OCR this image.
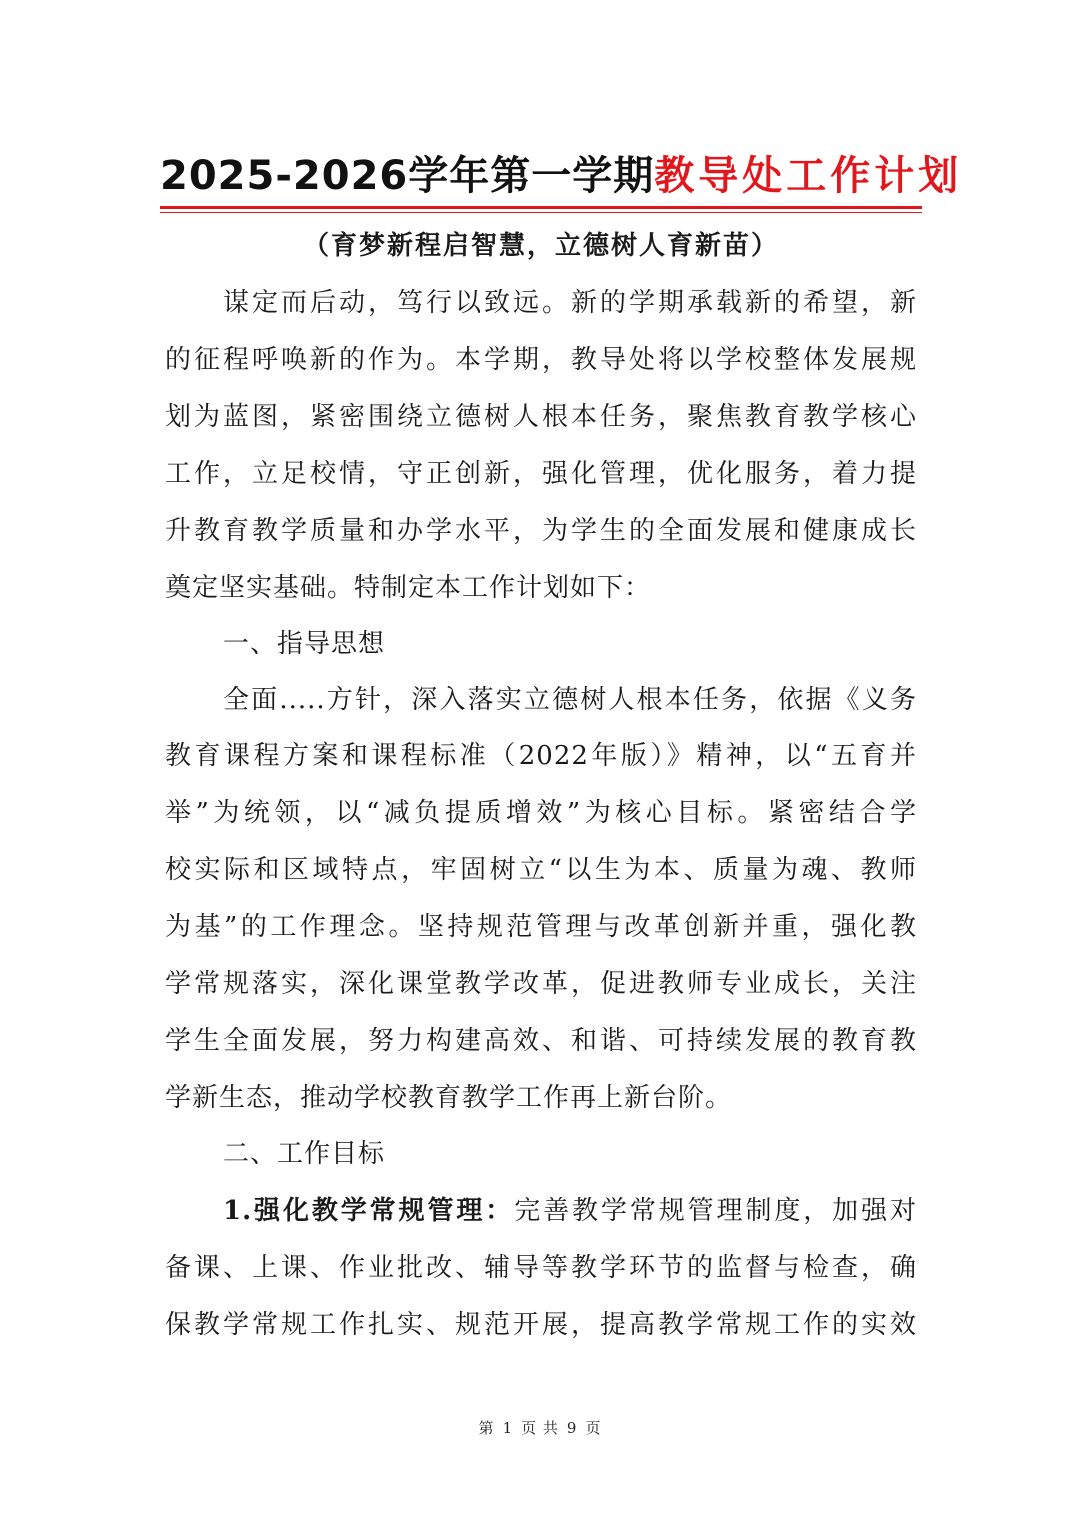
2025-2026学年第一学期教导处工作计划
（育梦新程启智慧，立德树人育新苗）
谋定而后动，笃行以致远。新的学期承载新的希望，新
的征程呼唤新的作为。本学期，教导处将以学校整体发展规
划为蓝图，紧密围绕立德树人根本任务，聚焦教育教学核心
工作，立足校情，守正创新，强化管理，优化服务，着力提
升教育教学质量和办学水平，为学生的全面发展和健康成长
奠定坚实基础。特制定本工作计划如下：
一、指导思想
全面.....方针，深入落实立德树人根本任务，依据《义务
教育课程方案和课程标准（2022年版）》精神，以“五育并
举”为统领，以“减负提质增效”为核心目标。紧密结合学
校实际和区域特点，牢固树立“以生为本、质量为魂、教师
为基”的工作理念。坚持规范管理与改革创新并重，强化教
学常规落实，深化课堂教学改革，促进教师专业成长，关注
学生全面发展，努力构建高效、和谐、可持续发展的教育教
学新生态，推动学校教育教学工作再上新台阶。
二、工作目标
1.强化教学常规管理：完善教学常规管理制度，加强对
备课、上课、作业批改、辅导等教学环节的监督与检查，确
保教学常规工作扎实、规范开展，提高教学常规工作的实效
第 1 页 共 9 页
